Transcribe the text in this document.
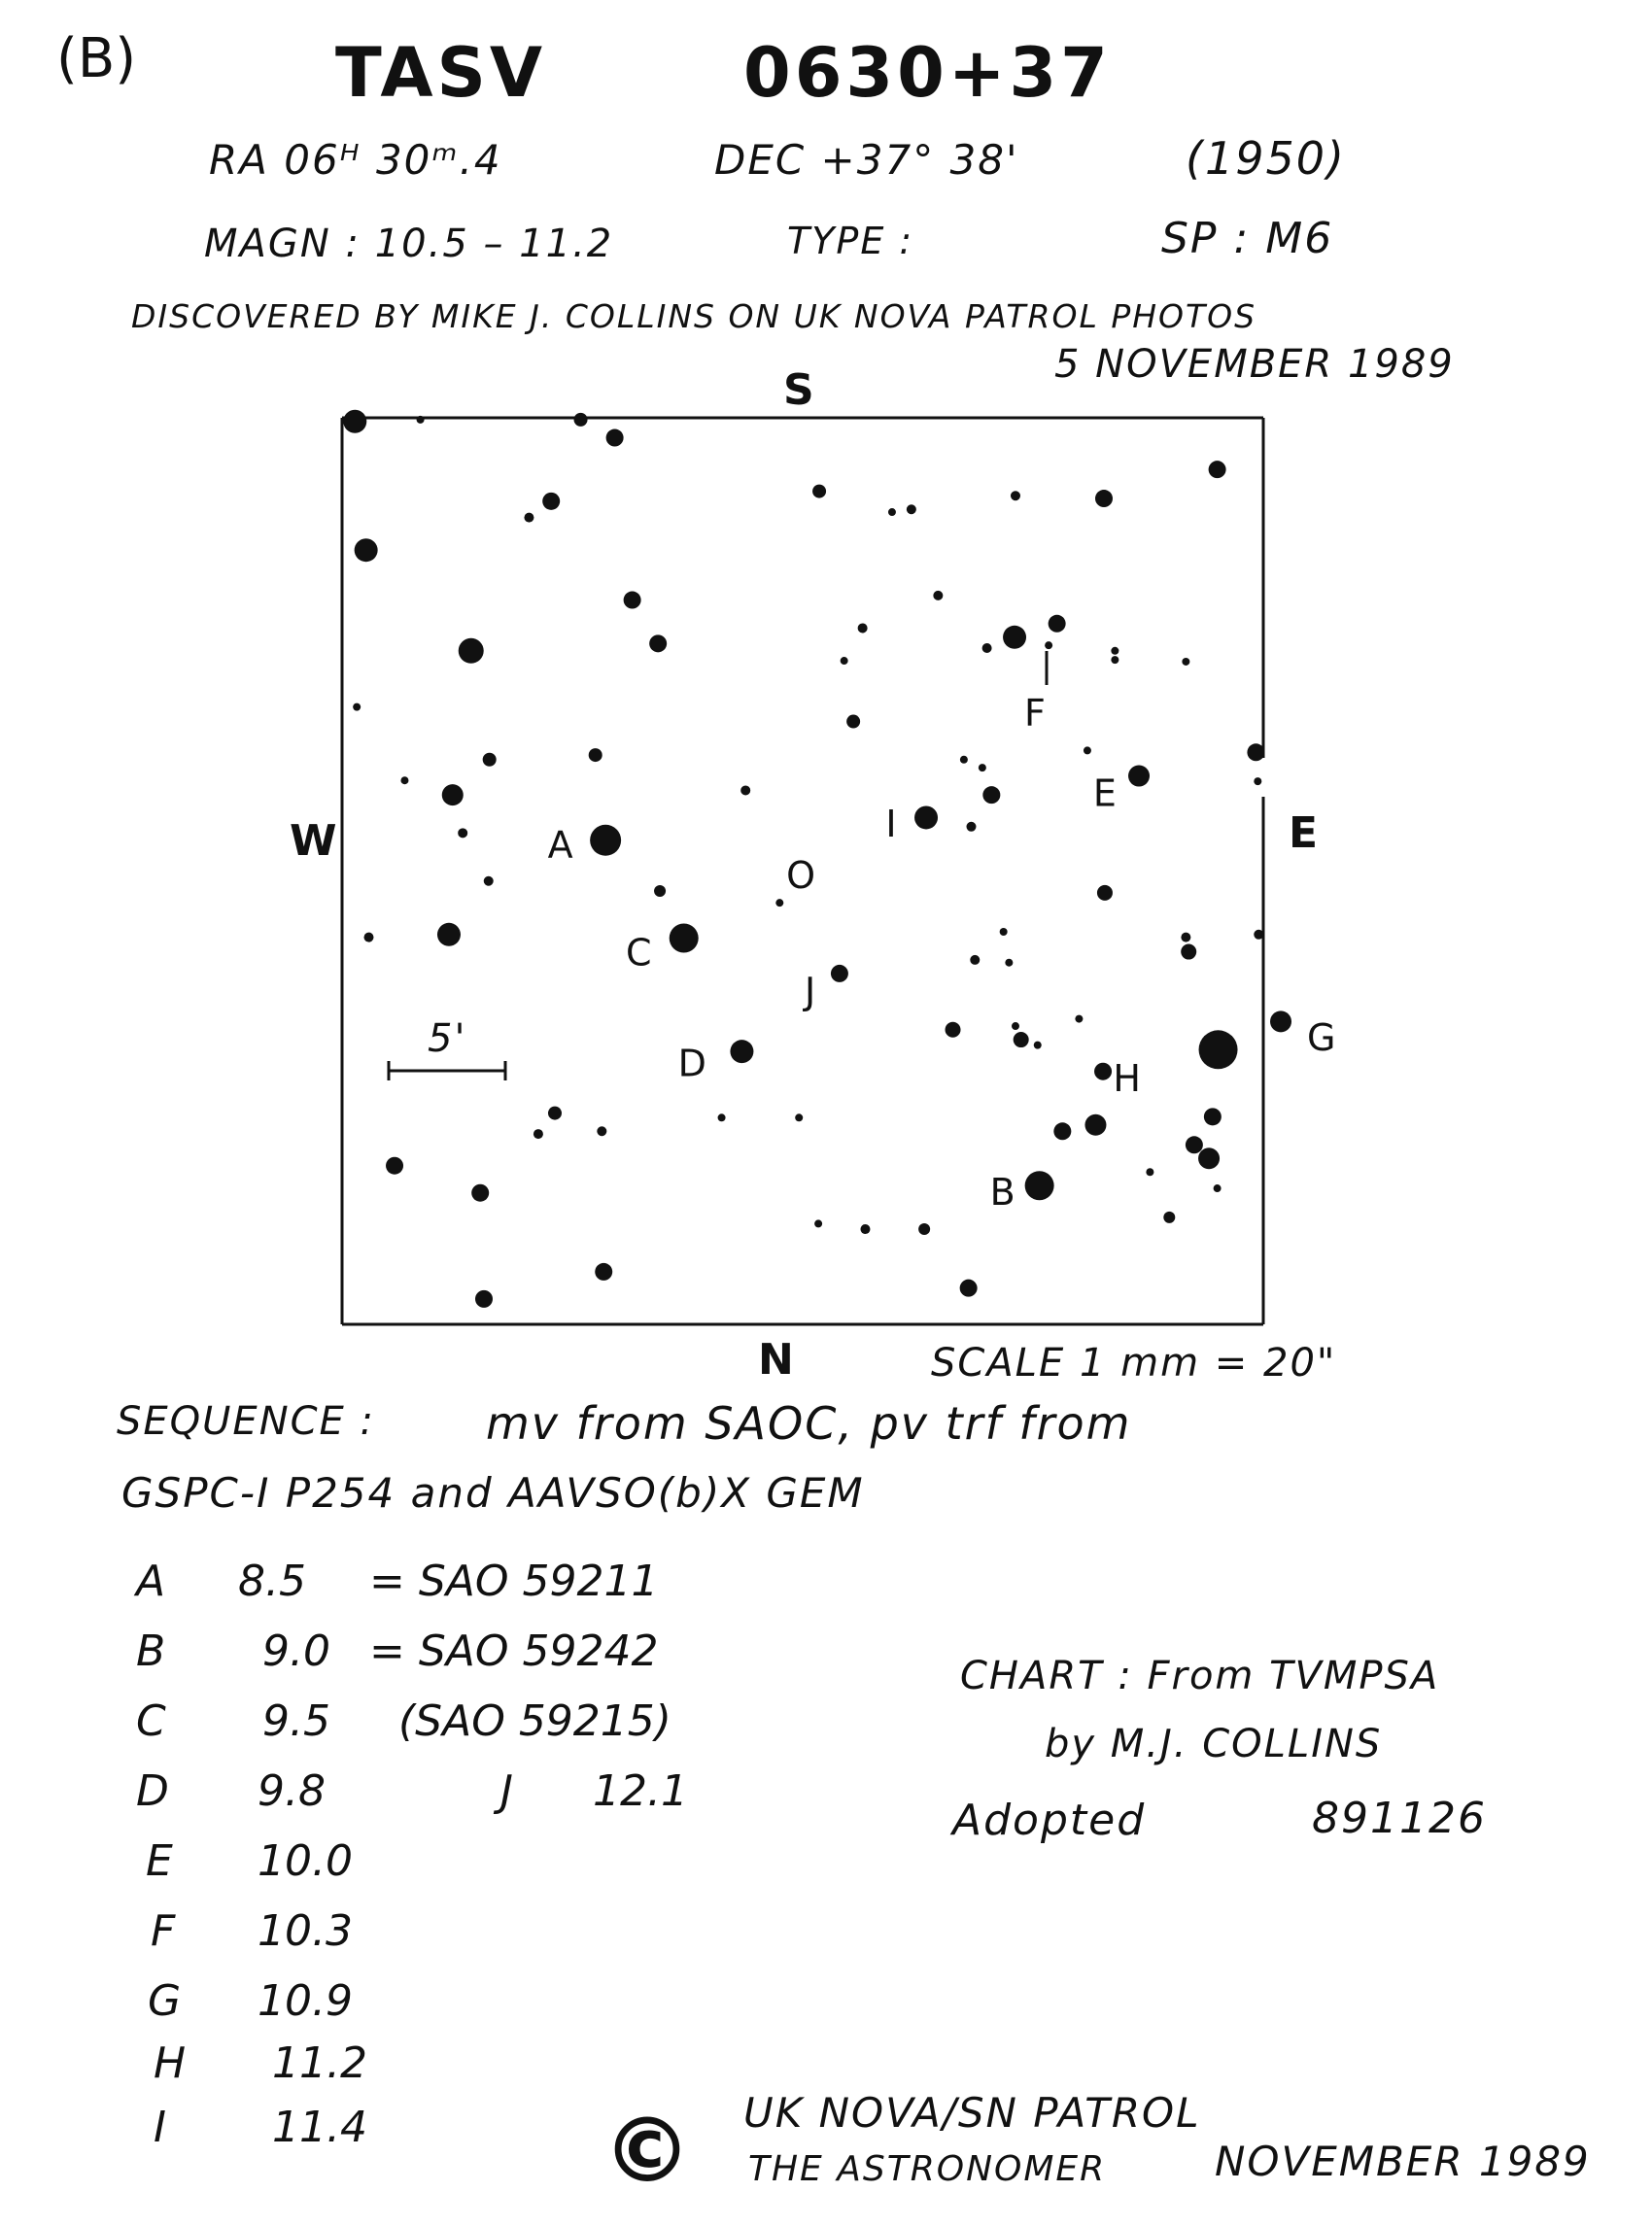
(B)	TASV	0630+37
RA 06ᴴ 30ᵐ.4	DEC +37° 38'	(1950)
MAGN : 10.5 – 11.2	TYPE :	SP : M6
DISCOVERED BY MIKE J. COLLINS ON UK NOVA PATROL PHOTOS
5 NOVEMBER 1989
A
B
C
D
E
F
G
H
I
J
O
S
N
W	E
5'
SCALE 1 mm = 20"
SEQUENCE : mv from SAOC, pv trf from
GSPC-I P254 and AAVSO(b)X GEM
A 8.5 = SAO 59211
B 9.0 = SAO 59242
C 9.5 (SAO 59215)
D 9.8	J 12.1
E 10.0
F 10.3
G 10.9
H 11.2
I 11.4
CHART : From TVMPSA
by M.J. COLLINS
Adopted	891126
© UK NOVA/SN PATROL
THE ASTRONOMER	NOVEMBER 1989
